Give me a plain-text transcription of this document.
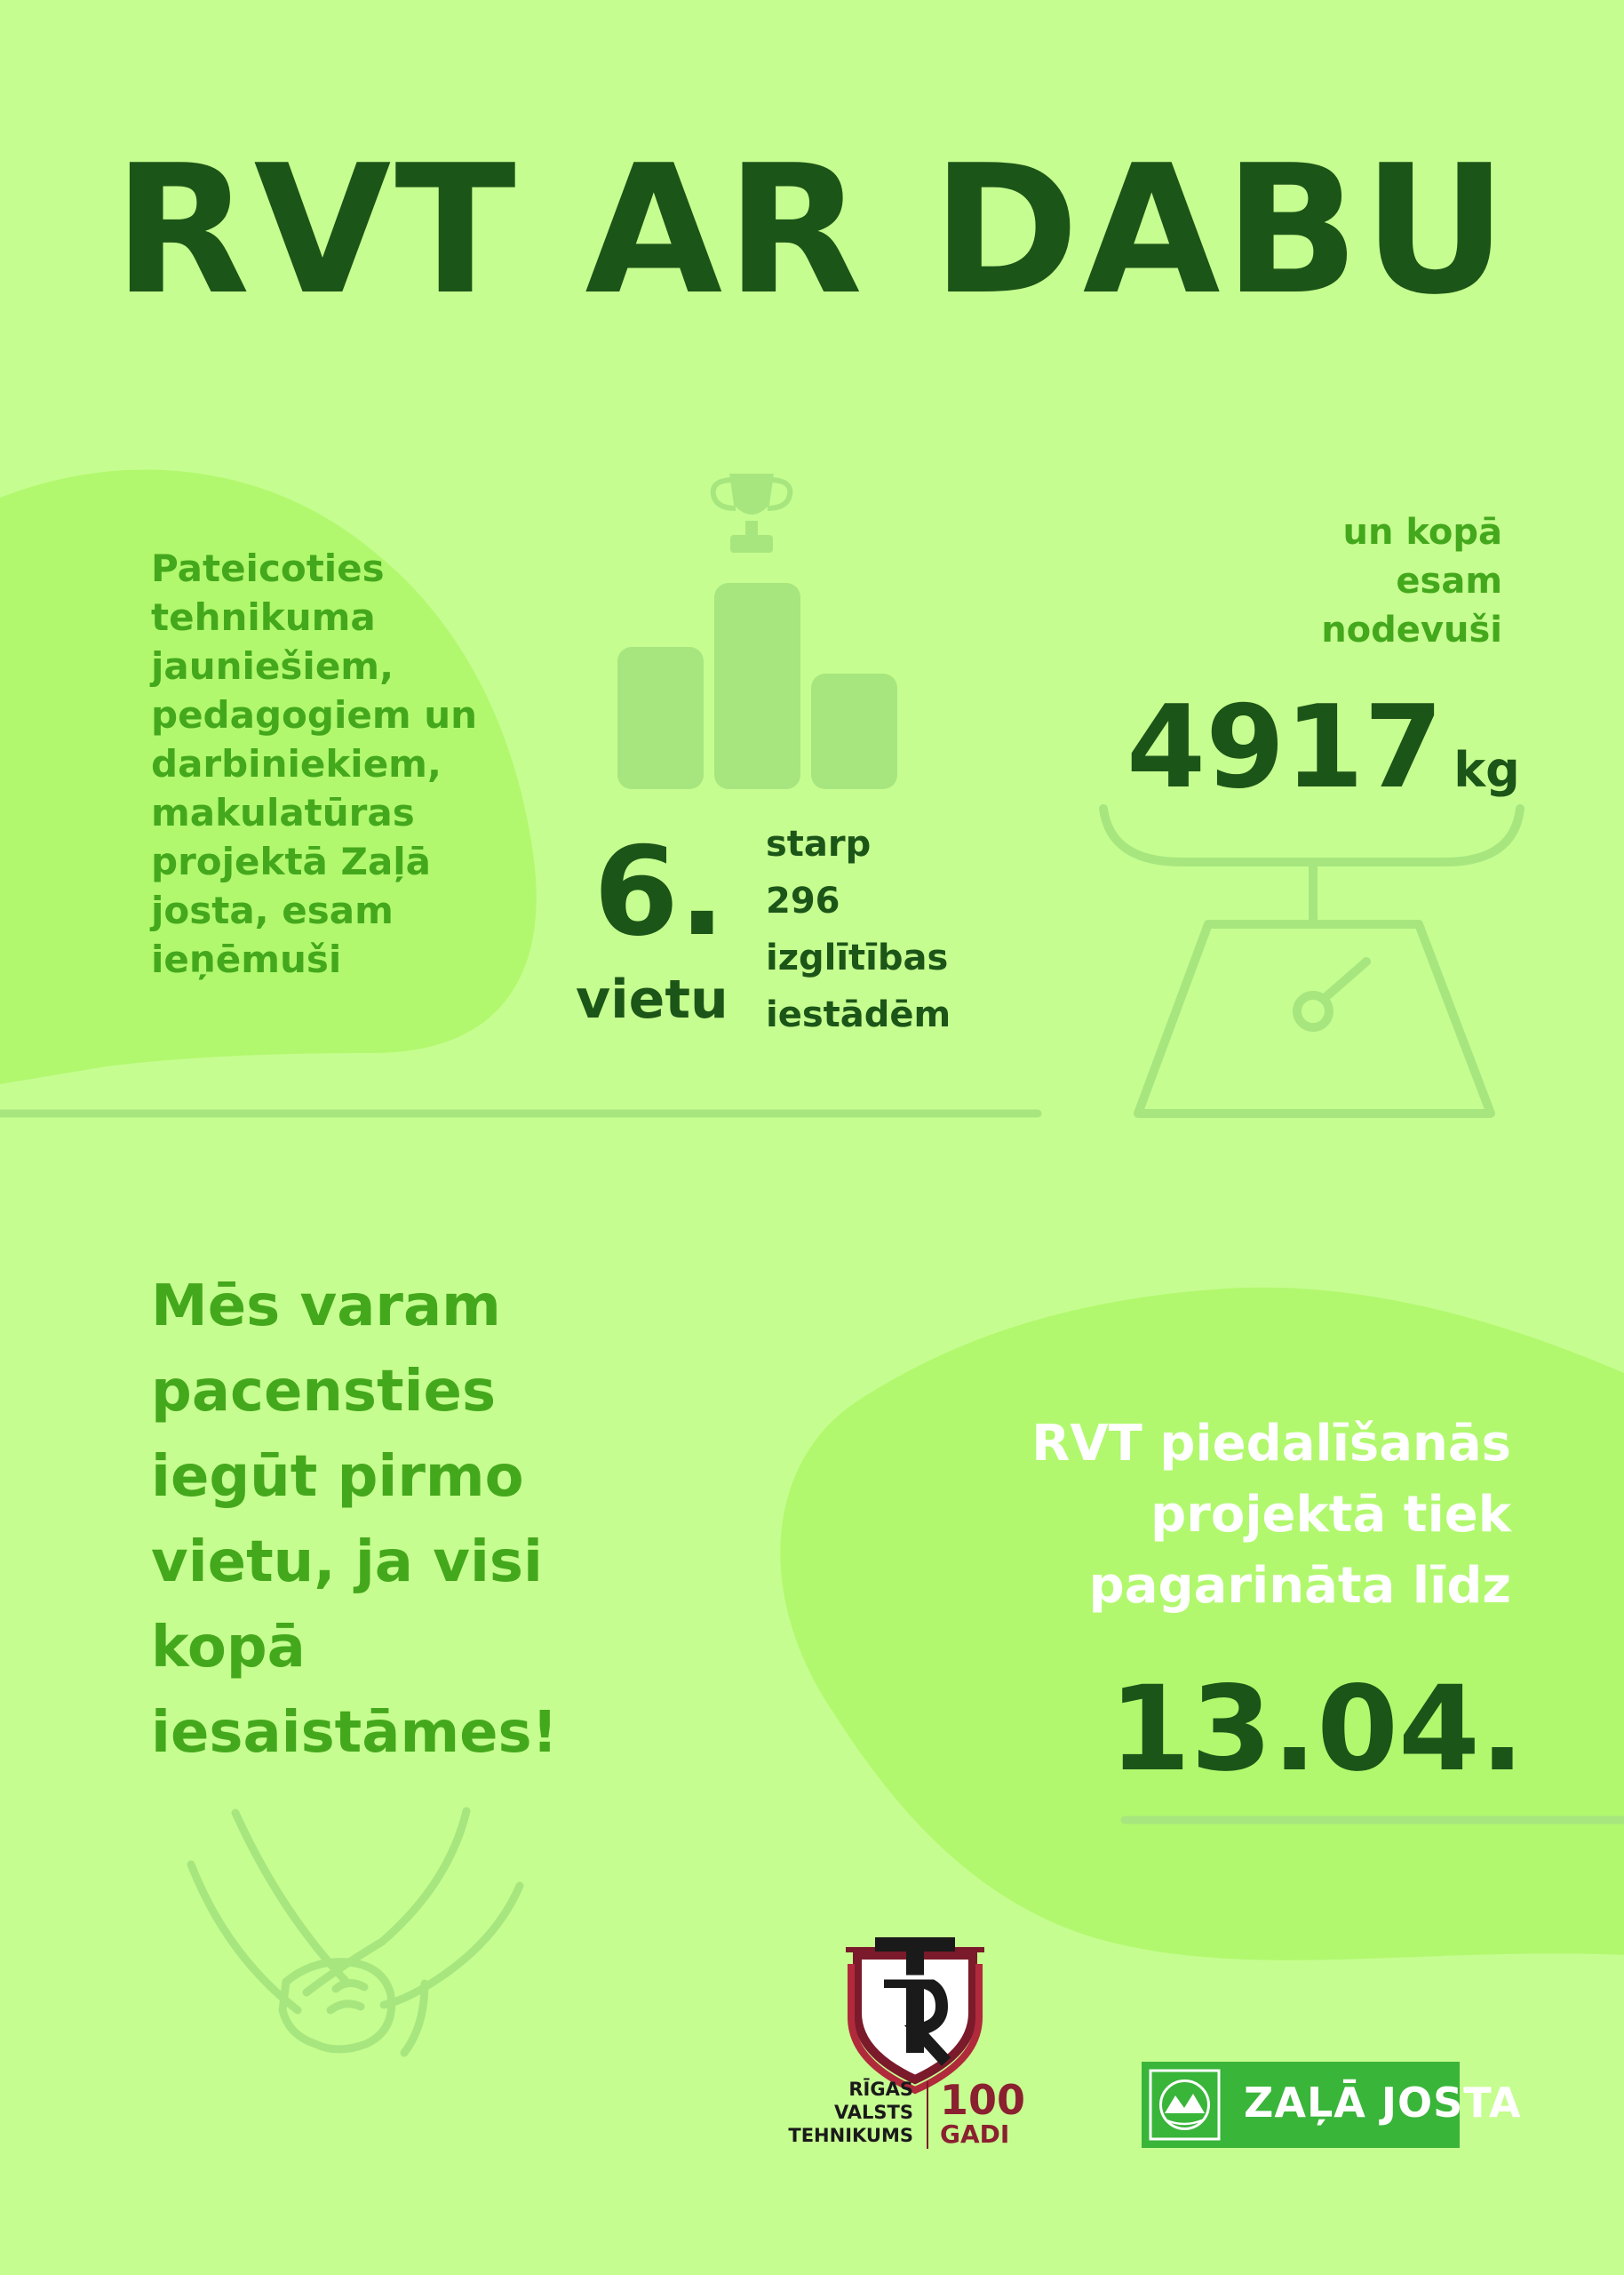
RVT AR DABU
Pateicoties tehnikuma jauniešiem, pedagogiem un darbiniekiem, makulatūras projektā Zaļā josta, esam ieņēmuši	6.
vietu
starp
296
izglītības
iestādēm
un kopā
esam
nodevuši
4917 kg
Mēs varam pacensties iegūt pirmo vietu, ja visi kopā iesaistāmes!
RVT piedalīšanās projektā tiek pagarināta līdz
13.04.
RĪGAS
VALSTS
TEHNIKUMS
100
GADI
ZAĻĀ JOSTA
